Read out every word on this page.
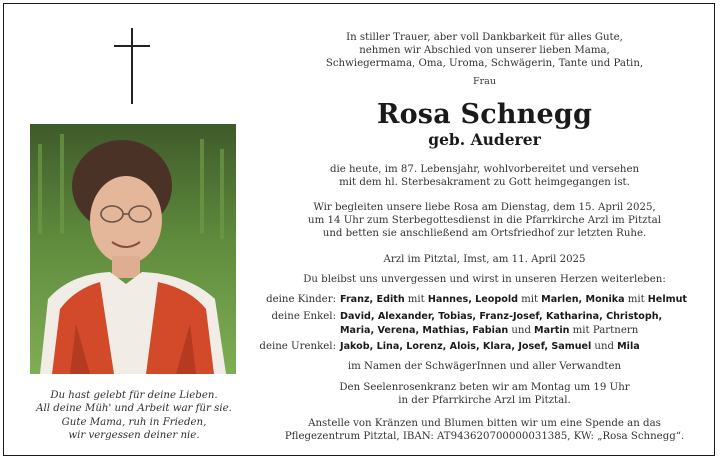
Du hast gelebt für deine Lieben.
All deine Müh' und Arbeit war für sie.
Gute Mama, ruh in Frieden,
wir vergessen deiner nie.
In stiller Trauer, aber voll Dankbarkeit für alles Gute,
nehmen wir Abschied von unserer lieben Mama,
Schwiegermama, Oma, Uroma, Schwägerin, Tante und Patin,
Frau
Rosa Schnegg
geb. Auderer
die heute, im 87. Lebensjahr, wohlvorbereitet und versehen
mit dem hl. Sterbesakrament zu Gott heimgegangen ist.
Wir begleiten unsere liebe Rosa am Dienstag, dem 15. April 2025,
um 14 Uhr zum Sterbegottesdienst in die Pfarrkirche Arzl im Pitztal
und betten sie anschließend am Ortsfriedhof zur letzten Ruhe.
Arzl im Pitztal, Imst, am 11. April 2025
Du bleibst uns unvergessen und wirst in unseren Herzen weiterleben:
deine Kinder: Franz, Edith mit Hannes, Leopold mit Marlen, Monika mit Helmut
deine Enkel: David, Alexander, Tobias, Franz-Josef, Katharina, Christoph,
Maria, Verena, Mathias, Fabian und Martin mit Partnern
deine Urenkel: Jakob, Lina, Lorenz, Alois, Klara, Josef, Samuel und Mila
im Namen der SchwägerInnen und aller Verwandten
Den Seelenrosenkranz beten wir am Montag um 19 Uhr
in der Pfarrkirche Arzl im Pitztal.
Anstelle von Kränzen und Blumen bitten wir um eine Spende an das
Pflegezentrum Pitztal, IBAN: AT943620700000031385, KW: „Rosa Schnegg“.
